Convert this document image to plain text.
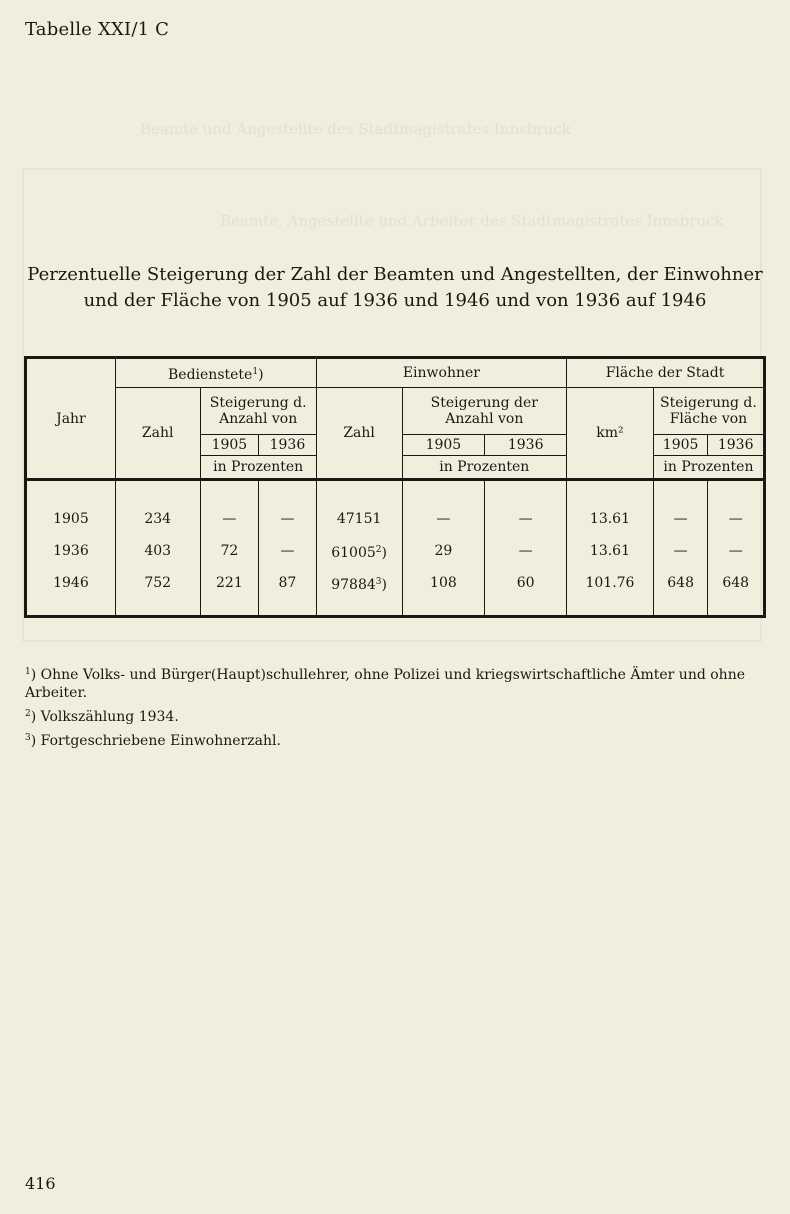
Beamte und Angestellte des Stadtmagistrates Innsbruck
Beamte, Angestellte und Arbeiter des Stadtmagistrates Innsbruck
Tabelle XXI/1 C
Perzentuelle Steigerung der Zahl der Beamten und Angestellten, der Einwohner und der Fläche von 1905 auf 1936 und 1946 und von 1936 auf 1946
Jahr	Bedienstete$^1$)			Einwohner			Fläche der Stadt		
	Zahl	Steigerung d. Anzahl von		Zahl	Steigerung der Anzahl von		km²	Steigerung d. Fläche von	
		1905	1936		1905	1936		1905	1936
		in Prozenten			in Prozenten			in Prozenten	

1905	234	—	—	47151	—	—	13.61	—	—
1936	403	72	—	61005$^2$)	29	—	13.61	—	—
1946	752	221	87	97884$^3$)	108	60	101.76	648	648

$^1$) Ohne Volks- und Bürger(Haupt)schullehrer, ohne Polizei und kriegswirtschaftliche Ämter und ohne Arbeiter.
$^2$) Volkszählung 1934.
$^3$) Fortgeschriebene Einwohnerzahl.
416
